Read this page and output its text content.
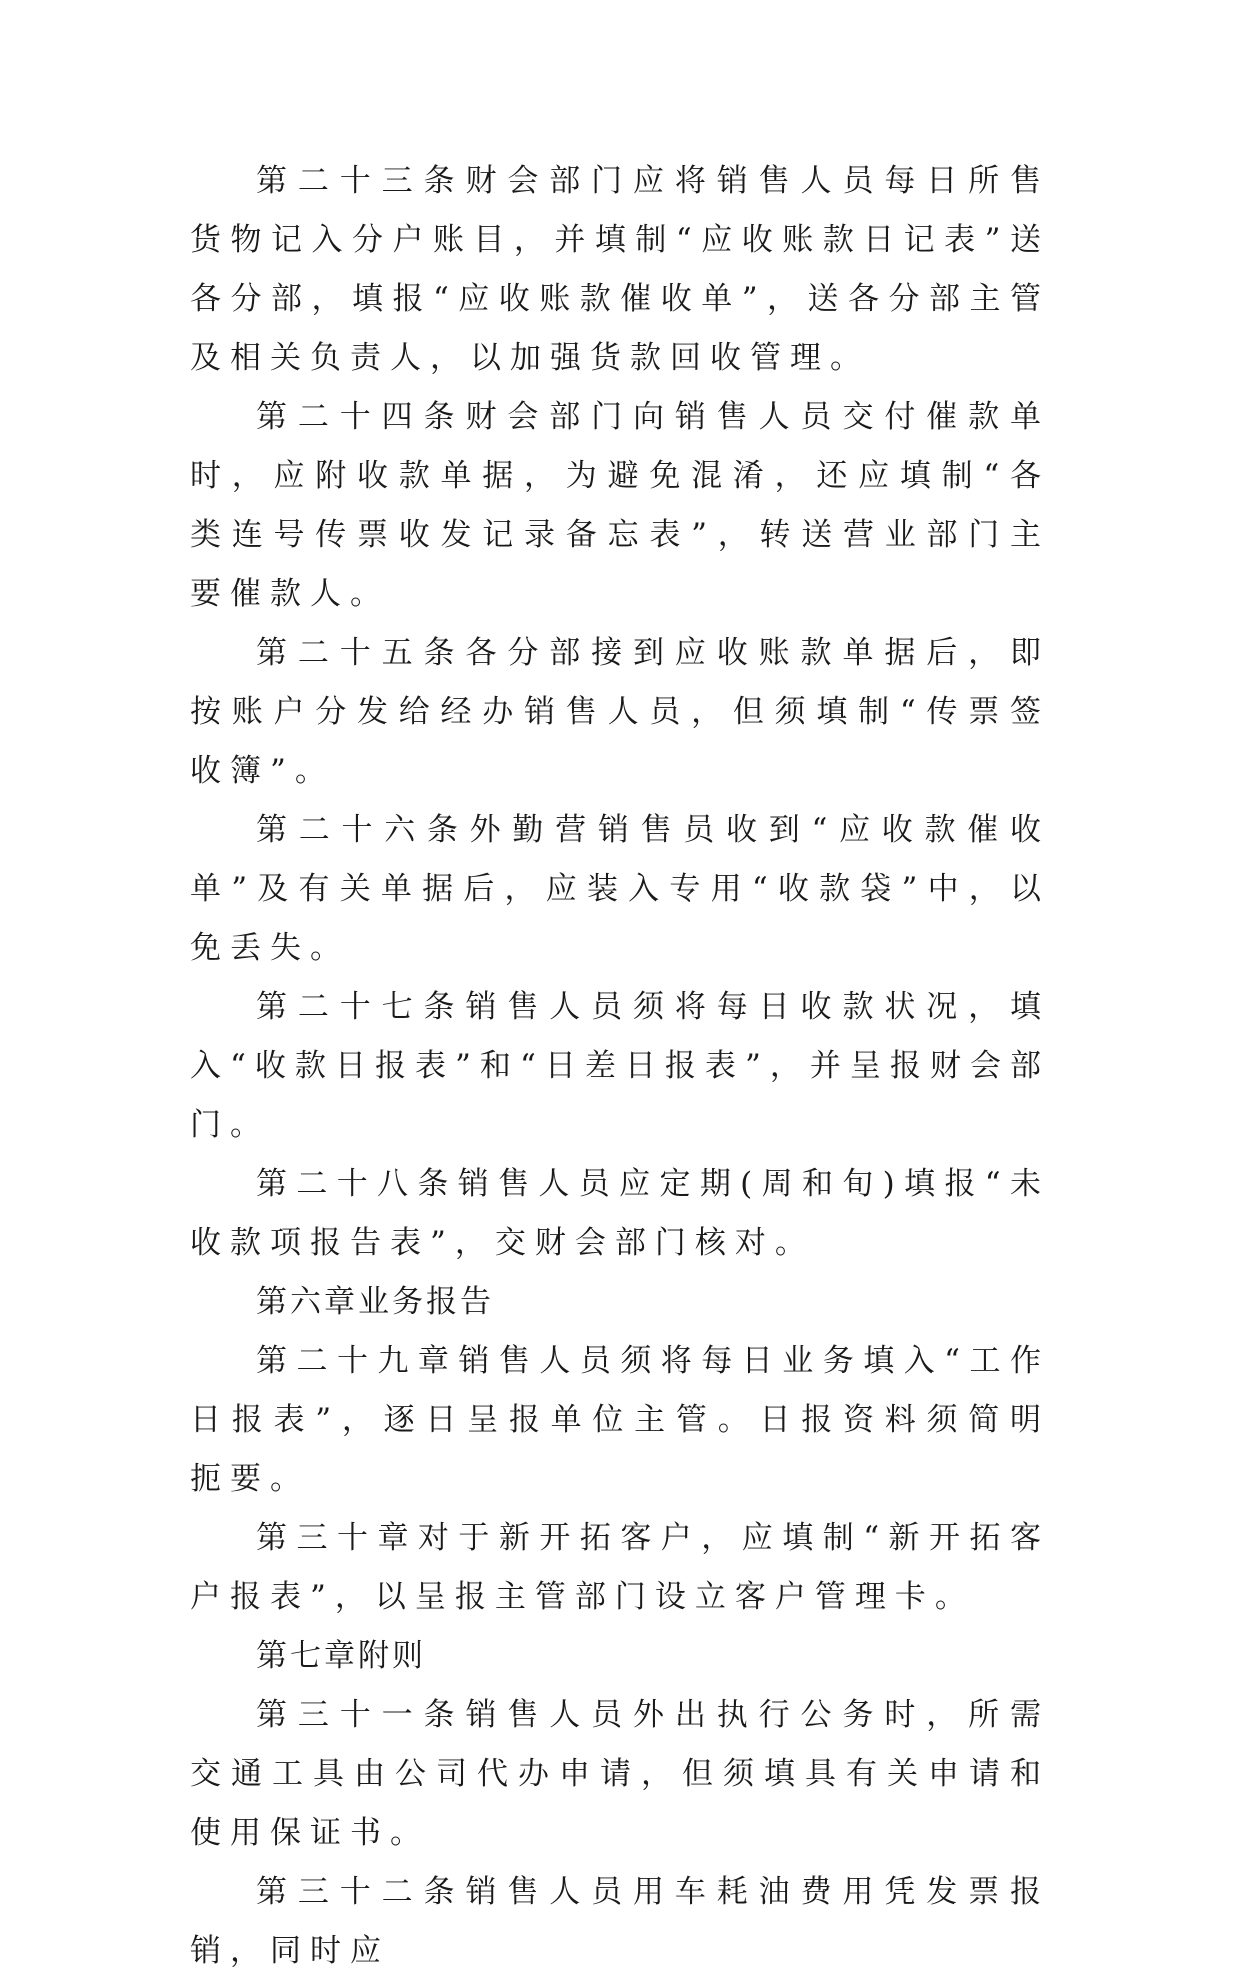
第二十三条财会部门应将销售人员每日所售货物记入分户账目，并填制“应收账款日记表”送各分部，填报“应收账款催收单”，送各分部主管及相关负责人，以加强货款回收管理。

第二十四条财会部门向销售人员交付催款单时，应附收款单据，为避免混淆，还应填制“各类连号传票收发记录备忘表”，转送营业部门主要催款人。

第二十五条各分部接到应收账款单据后，即按账户分发给经办销售人员，但须填制“传票签收簿”。

第二十六条外勤营销售员收到“应收款催收单”及有关单据后，应装入专用“收款袋”中，以免丢失。

第二十七条销售人员须将每日收款状况，填入“收款日报表”和“日差日报表”，并呈报财会部门。

第二十八条销售人员应定期(周和旬)填报“未收款项报告表”，交财会部门核对。

第六章业务报告

第二十九章销售人员须将每日业务填入“工作日报表”，逐日呈报单位主管。日报资料须简明扼要。

第三十章对于新开拓客户，应填制“新开拓客户报表”，以呈报主管部门设立客户管理卡。

第七章附则

第三十一条销售人员外出执行公务时，所需交通工具由公司代办申请，但须填具有关申请和使用保证书。

第三十二条销售人员用车耗油费用凭发票报销，同时应
